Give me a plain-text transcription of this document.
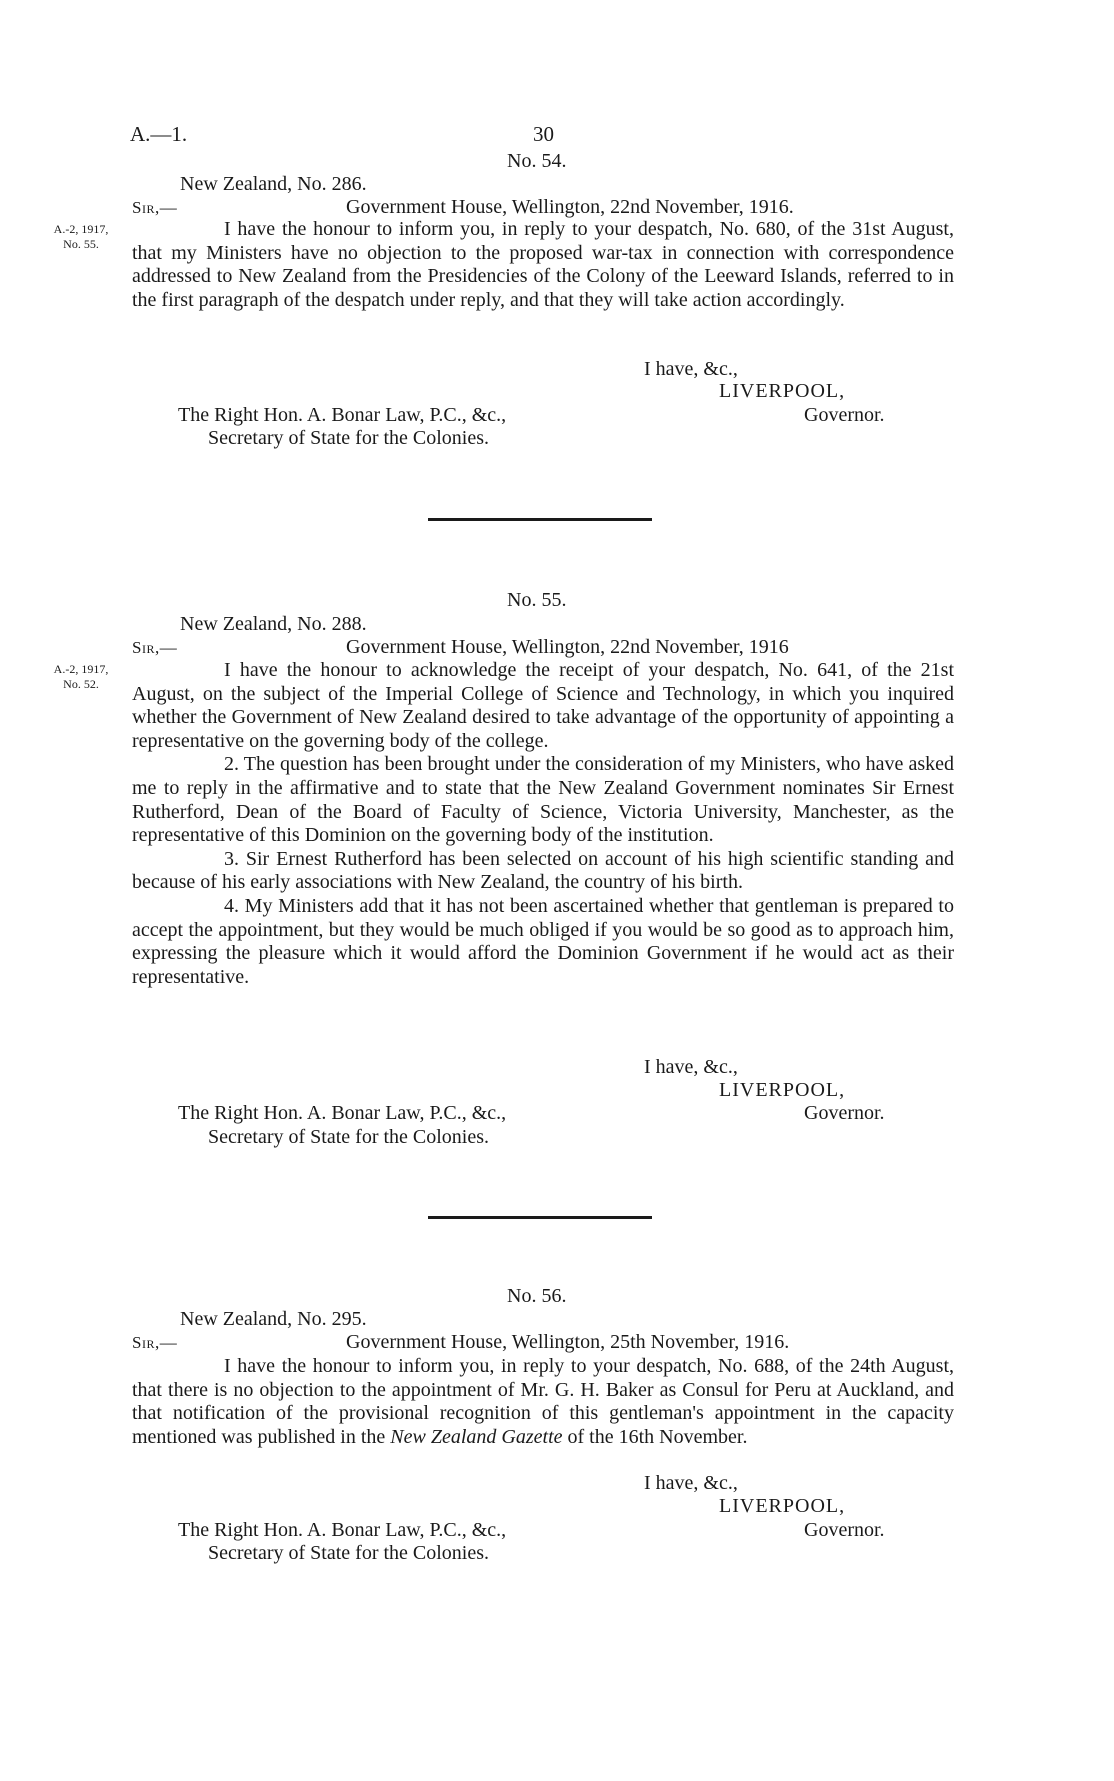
A.—1.	30
No. 54.
New Zealand, No. 286.
Sir,—	Government House, Wellington, 22nd November, 1916.
A.-2, 1917,
No. 55.

I have the honour to inform you, in reply to your despatch, No. 680, of the 31st August, that my Ministers have no objection to the proposed war-tax in connection with correspondence addressed to New Zealand from the Presidencies of the Colony of the Leeward Islands, referred to in the first paragraph of the despatch under reply, and that they will take action accordingly.

I have, &c.,
LIVERPOOL,
The Right Hon. A. Bonar Law, P.C., &c.,	Governor.
Secretary of State for the Colonies.
No. 55.
New Zealand, No. 288.
Sir,—	Government House, Wellington, 22nd November, 1916
A.-2, 1917,
No. 52.

I have the honour to acknowledge the receipt of your despatch, No. 641, of the 21st August, on the subject of the Imperial College of Science and Technology, in which you inquired whether the Government of New Zealand desired to take advantage of the opportunity of appointing a representative on the governing body of the college.

2. The question has been brought under the consideration of my Ministers, who have asked me to reply in the affirmative and to state that the New Zealand Government nominates Sir Ernest Rutherford, Dean of the Board of Faculty of Science, Victoria University, Manchester, as the representative of this Dominion on the governing body of the institution.

3. Sir Ernest Rutherford has been selected on account of his high scientific standing and because of his early associations with New Zealand, the country of his birth.

4. My Ministers add that it has not been ascertained whether that gentleman is prepared to accept the appointment, but they would be much obliged if you would be so good as to approach him, expressing the pleasure which it would afford the Dominion Government if he would act as their representative.

I have, &c.,
LIVERPOOL,
The Right Hon. A. Bonar Law, P.C., &c.,	Governor.
Secretary of State for the Colonies.
No. 56.
New Zealand, No. 295.
Sir,—	Government House, Wellington, 25th November, 1916.

I have the honour to inform you, in reply to your despatch, No. 688, of the 24th August, that there is no objection to the appointment of Mr. G. H. Baker as Consul for Peru at Auckland, and that notification of the provisional recognition of this gentleman's appointment in the capacity mentioned was published in the New Zealand Gazette of the 16th November.

I have, &c.,
LIVERPOOL,
The Right Hon. A. Bonar Law, P.C., &c.,	Governor.
Secretary of State for the Colonies.
